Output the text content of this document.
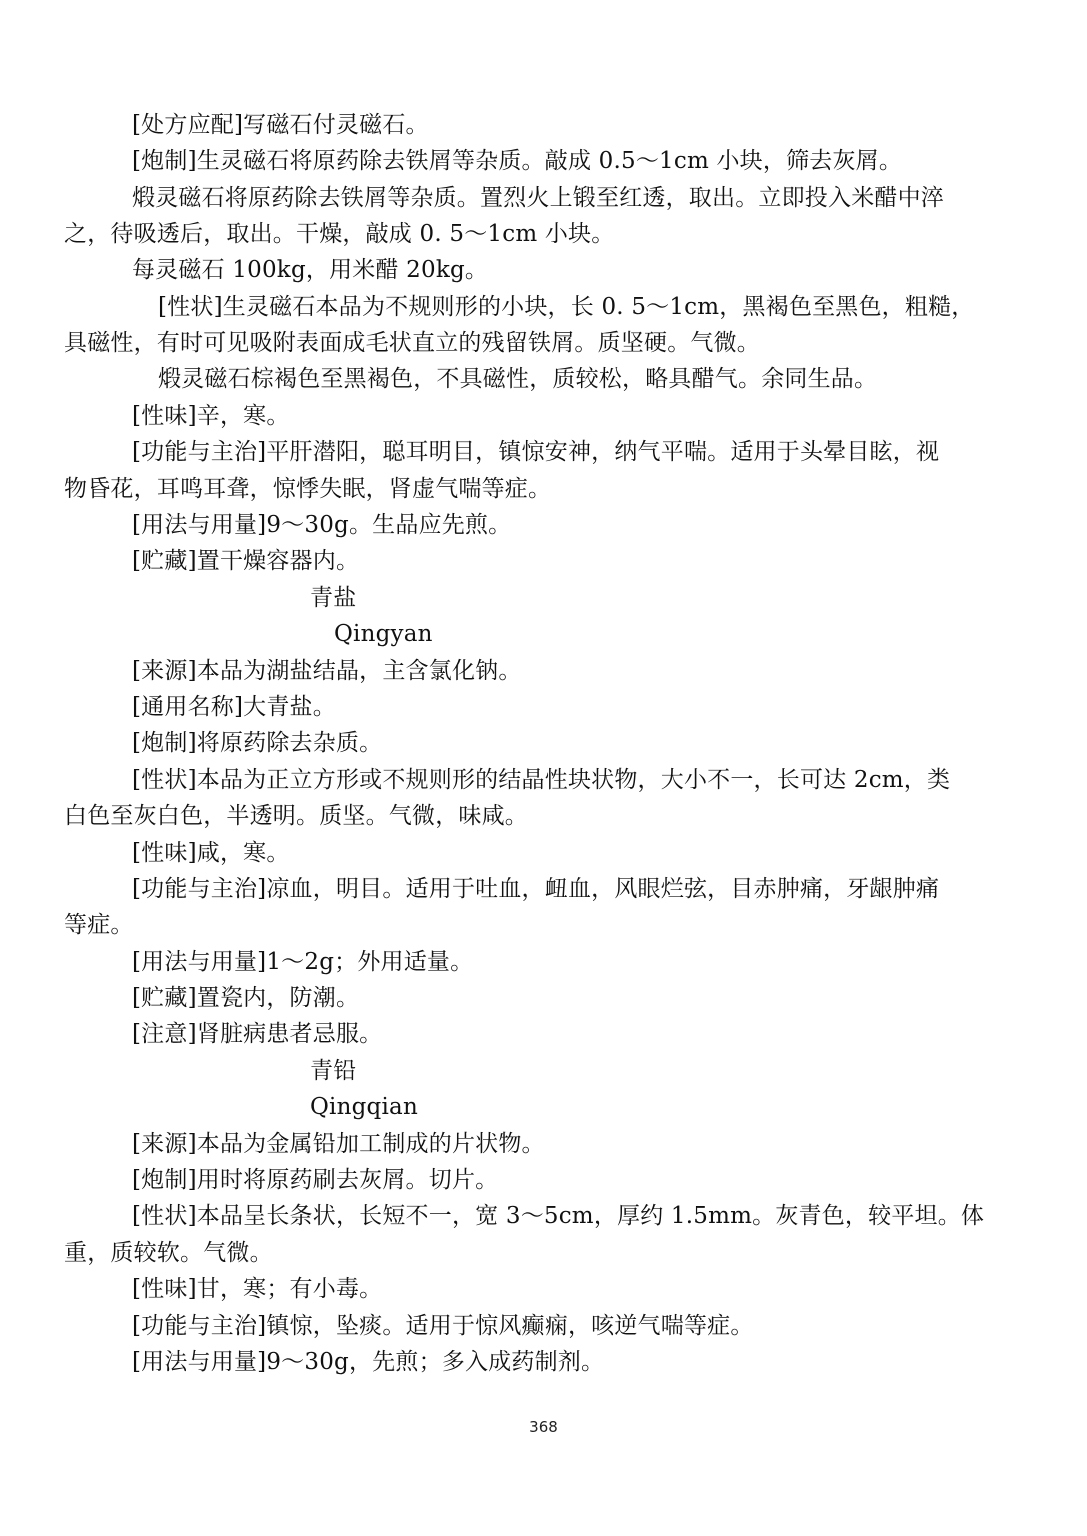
[处方应配]写磁石付灵磁石。
[炮制]生灵磁石将原药除去铁屑等杂质。敲成 0.5～1cm 小块，筛去灰屑。
煅灵磁石将原药除去铁屑等杂质。置烈火上锻至红透，取出。立即投入米醋中淬
之，待吸透后，取出。干燥，敲成 0. 5～1cm 小块。
每灵磁石 100kg，用米醋 20kg。
[性状]生灵磁石本品为不规则形的小块，长 0. 5～1cm，黑褐色至黑色，粗糙，
具磁性，有时可见吸附表面成毛状直立的残留铁屑。质坚硬。气微。
煅灵磁石棕褐色至黑褐色，不具磁性，质较松，略具醋气。余同生品。
[性味]辛，寒。
[功能与主治]平肝潜阳，聪耳明目，镇惊安神，纳气平喘。适用于头晕目眩，视
物昏花，耳鸣耳聋，惊悸失眠，肾虚气喘等症。
[用法与用量]9～30g。生品应先煎。
[贮藏]置干燥容器内。
青盐
Qingyan
[来源]本品为湖盐结晶，主含氯化钠。
[通用名称]大青盐。
[炮制]将原药除去杂质。
[性状]本品为正立方形或不规则形的结晶性块状物，大小不一，长可达 2cm，类
白色至灰白色，半透明。质坚。气微，味咸。
[性味]咸，寒。
[功能与主治]凉血，明目。适用于吐血，衄血，风眼烂弦，目赤肿痛，牙龈肿痛
等症。
[用法与用量]1～2g；外用适量。
[贮藏]置瓷内，防潮。
[注意]肾脏病患者忌服。
青铅
Qingqian
[来源]本品为金属铅加工制成的片状物。
[炮制]用时将原药刷去灰屑。切片。
[性状]本品呈长条状，长短不一，宽 3～5cm，厚约 1.5mm。灰青色，较平坦。体
重，质较软。气微。
[性味]甘，寒；有小毒。
[功能与主治]镇惊，坠痰。适用于惊风癫痫，咳逆气喘等症。
[用法与用量]9～30g，先煎；多入成药制剂。
368
